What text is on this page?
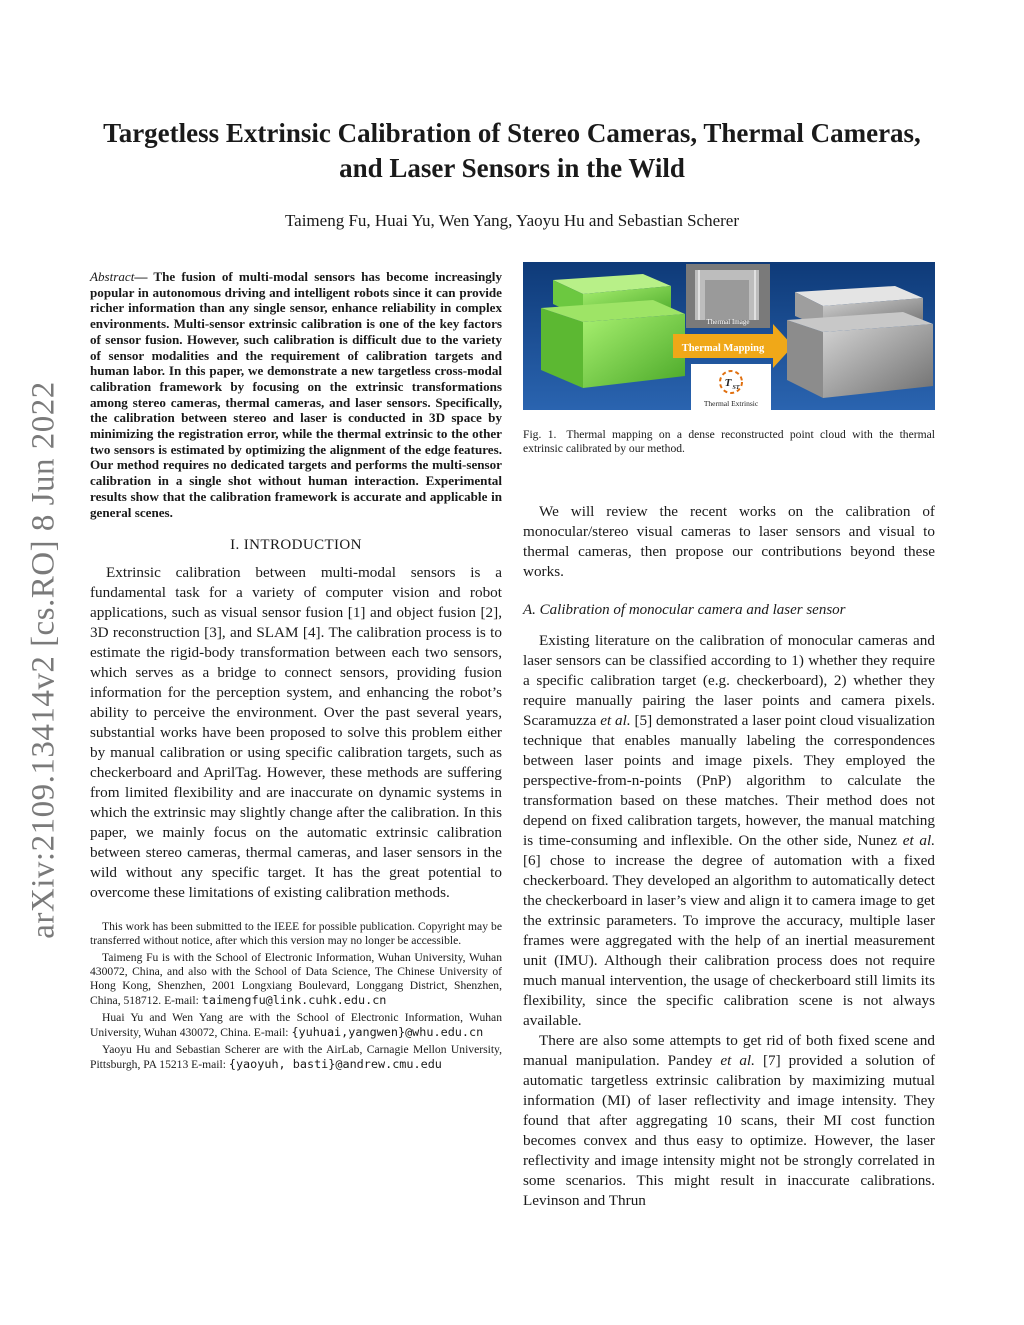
arXiv:2109.13414v2 [cs.RO] 8 Jun 2022
Targetless Extrinsic Calibration of Stereo Cameras, Thermal Cameras,
and Laser Sensors in the Wild

Taimeng Fu, Huai Yu, Wen Yang, Yaoyu Hu and Sebastian Scherer

Abstract— The fusion of multi-modal sensors has become increasingly popular in autonomous driving and intelligent robots since it can provide richer information than any single sensor, enhance reliability in complex environments. Multi-sensor extrinsic calibration is one of the key factors of sensor fusion. However, such calibration is difficult due to the variety of sensor modalities and the requirement of calibration targets and human labor. In this paper, we demonstrate a new targetless cross-modal calibration framework by focusing on the extrinsic transformations among stereo cameras, thermal cameras, and laser sensors. Specifically, the calibration between stereo and laser is conducted in 3D space by minimizing the registration error, while the thermal extrinsic to the other two sensors is estimated by optimizing the alignment of the edge features. Our method requires no dedicated targets and performs the multi-sensor calibration in a single shot without human interaction. Experimental results show that the calibration framework is accurate and applicable in general scenes.

I. INTRODUCTION

Extrinsic calibration between multi-modal sensors is a fundamental task for a variety of computer vision and robot applications, such as visual sensor fusion [1] and object fusion [2], 3D reconstruction [3], and SLAM [4]. The calibration process is to estimate the rigid-body transformation between each two sensors, which serves as a bridge to connect sensors, providing fusion information for the perception system, and enhancing the robot’s ability to perceive the environment. Over the past several years, substantial works have been proposed to solve this problem either by manual calibration or using specific calibration targets, such as checkerboard and AprilTag. However, these methods are suffering from limited flexibility and are inaccurate on dynamic systems in which the extrinsic may slightly change after the calibration. In this paper, we mainly focus on the automatic extrinsic calibration between stereo cameras, thermal cameras, and laser sensors in the wild without any specific target. It has the great potential to overcome these limitations of existing calibration methods.

This work has been submitted to the IEEE for possible publication. Copyright may be transferred without notice, after which this version may no longer be accessible.

Taimeng Fu is with the School of Electronic Information, Wuhan University, Wuhan 430072, China, and also with the School of Data Science, The Chinese University of Hong Kong, Shenzhen, 2001 Longxiang Boulevard, Longgang District, Shenzhen, China, 518712. E-mail: taimengfu@link.cuhk.edu.cn

Huai Yu and Wen Yang are with the School of Electronic Information, Wuhan University, Wuhan 430072, China. E-mail: {yuhuai,yangwen}@whu.edu.cn

Yaoyu Hu and Sebastian Scherer are with the AirLab, Carnagie Mellon University, Pittsburgh, PA 15213 E-mail: {yaoyuh, basti}@andrew.cmu.edu

Thermal Image
Thermal Mapping
T ST
Thermal Extrinsic

Fig. 1. Thermal mapping on a dense reconstructed point cloud with the thermal extrinsic calibrated by our method.

We will review the recent works on the calibration of monocular/stereo visual cameras to laser sensors and visual to thermal cameras, then propose our contributions beyond these works.

A. Calibration of monocular camera and laser sensor

Existing literature on the calibration of monocular cameras and laser sensors can be classified according to 1) whether they require a specific calibration target (e.g. checkerboard), 2) whether they require manually pairing the laser points and camera pixels. Scaramuzza et al. [5] demonstrated a laser point cloud visualization technique that enables manually labeling the correspondences between laser points and image pixels. They employed the perspective-from-n-points (PnP) algorithm to calculate the transformation based on these matches. Their method does not depend on fixed calibration targets, however, the manual matching is time-consuming and inflexible. On the other side, Nunez et al. [6] chose to increase the degree of automation with a fixed checkerboard. They developed an algorithm to automatically detect the checkerboard in laser’s view and align it to camera image to get the extrinsic parameters. To improve the accuracy, multiple laser frames were aggregated with the help of an inertial measurement unit (IMU). Although their calibration process does not require much manual intervention, the usage of checkerboard still limits its flexibility, since the specific calibration scene is not always available.

There are also some attempts to get rid of both fixed scene and manual manipulation. Pandey et al. [7] provided a solution of automatic targetless extrinsic calibration by maximizing mutual information (MI) of laser reflectivity and image intensity. They found that after aggregating 10 scans, their MI cost function becomes convex and thus easy to optimize. However, the laser reflectivity and image intensity might not be strongly correlated in some scenarios. This might result in inaccurate calibrations. Levinson and Thrun
